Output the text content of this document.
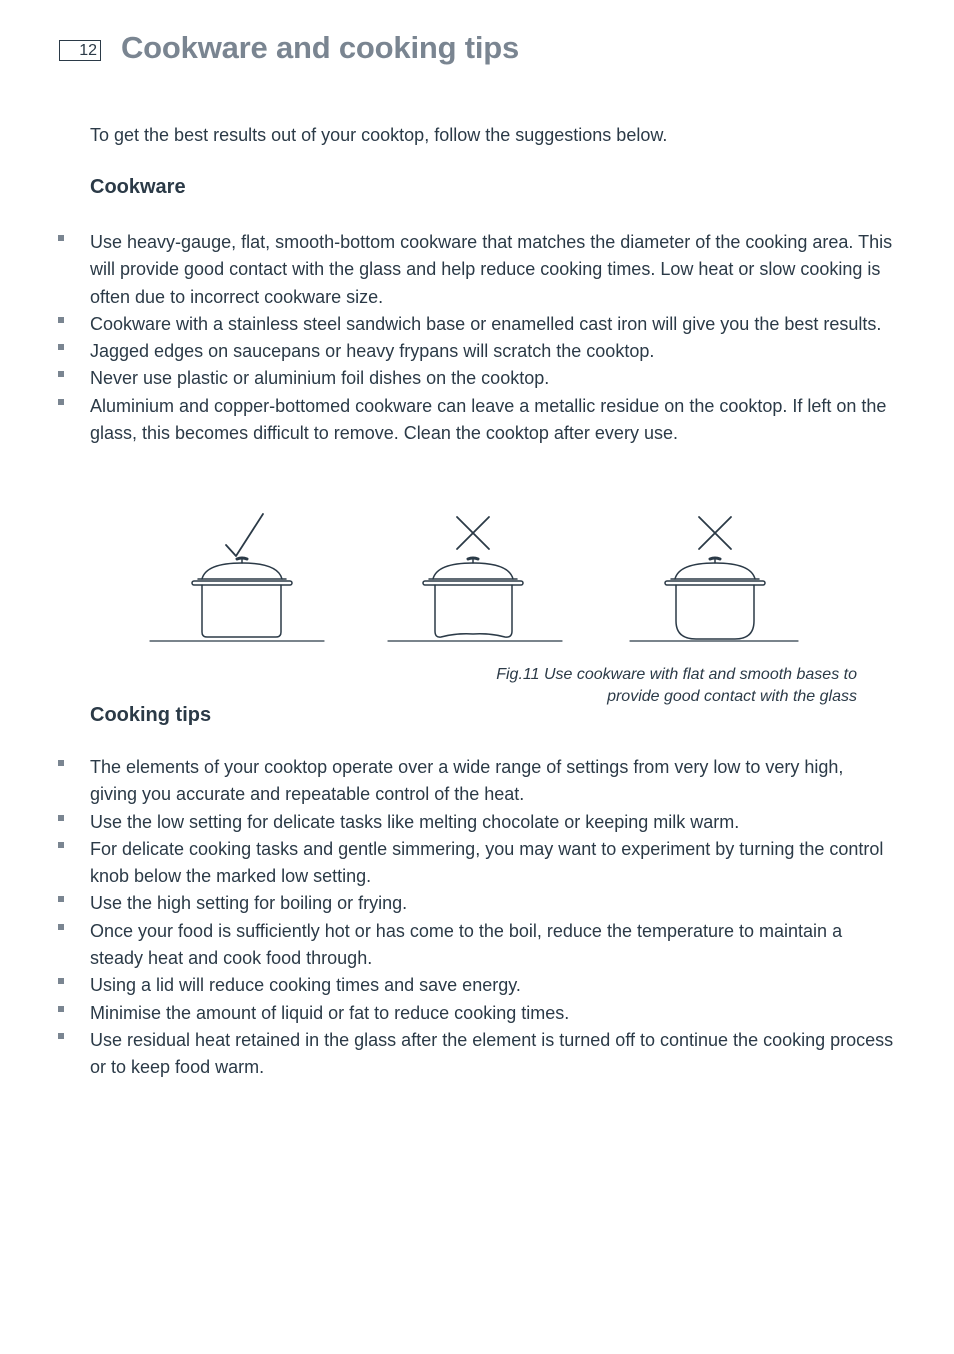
12 Cookware and cooking tips

To get the best results out of your cooktop, follow the suggestions below.

Cookware
Use heavy-gauge, flat, smooth-bottom cookware that matches the diameter of the cooking area. This will provide good contact with the glass and help reduce cooking times. Low heat or slow cooking is often due to incorrect cookware size.
Cookware with a stainless steel sandwich base or enamelled cast iron will give you the best results.
Jagged edges on saucepans or heavy frypans will scratch the cooktop.
Never use plastic or aluminium foil dishes on the cooktop.
Aluminium and copper-bottomed cookware can leave a metallic residue on the cooktop. If left on the glass, this becomes difficult to remove. Clean the cooktop after every use.

Fig.11 Use cookware with flat and smooth bases to
provide good contact with the glass

Cooking tips
The elements of your cooktop operate over a wide range of settings from very low to very high, giving you accurate and repeatable control of the heat.
Use the low setting for delicate tasks like melting chocolate or keeping milk warm.
For delicate cooking tasks and gentle simmering, you may want to experiment by turning the control knob below the marked low setting.
Use the high setting for boiling or frying.
Once your food is sufficiently hot or has come to the boil, reduce the temperature to maintain a steady heat and cook food through.
Using a lid will reduce cooking times and save energy.
Minimise the amount of liquid or fat to reduce cooking times.
Use residual heat retained in the glass after the element is turned off to continue the cooking process or to keep food warm.
